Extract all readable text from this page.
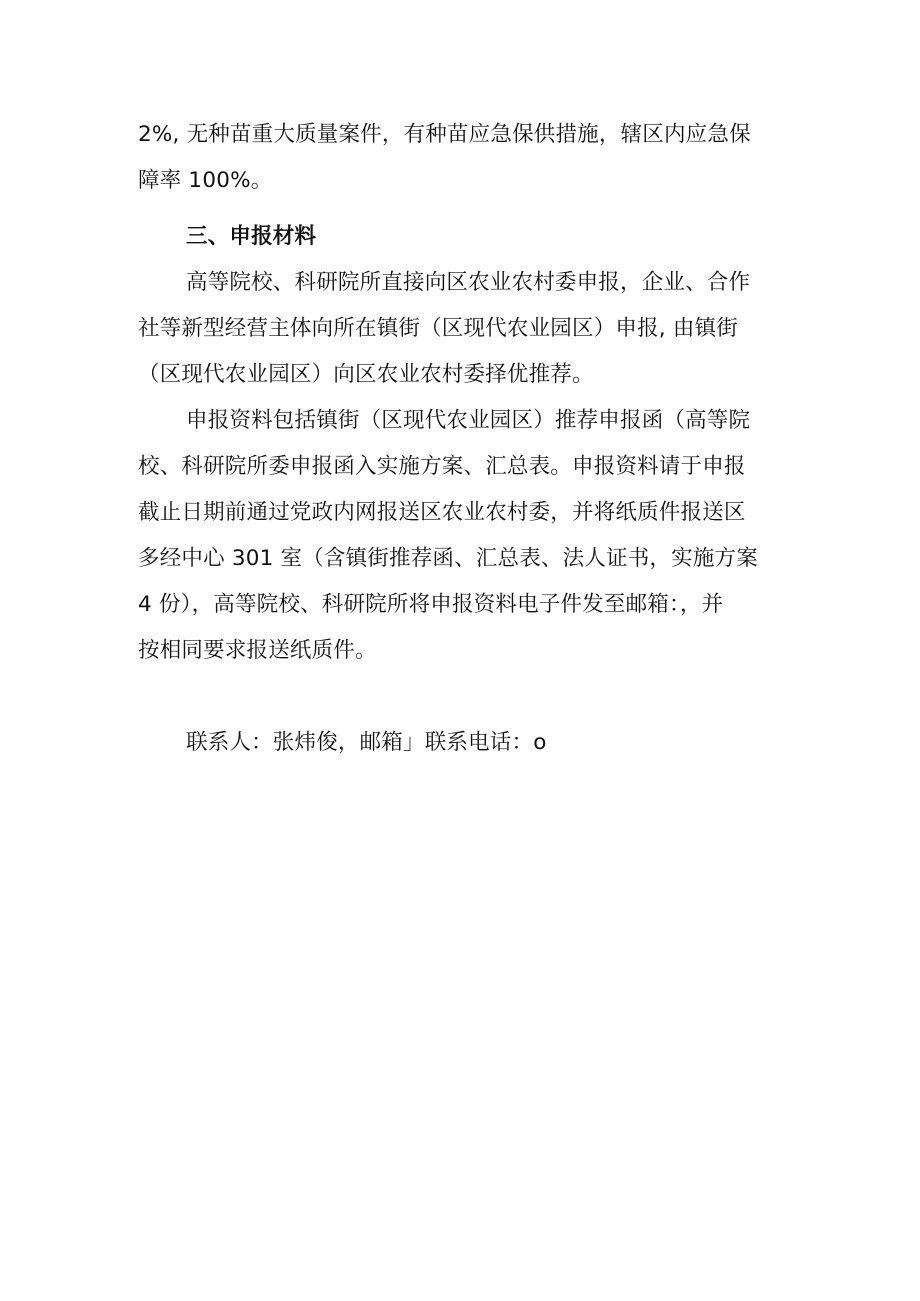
2%, 无种苗重大质量案件，有种苗应急保供措施，辖区内应急保
障率 100%。

三、申报材料

高等院校、科研院所直接向区农业农村委申报，企业、合作
社等新型经营主体向所在镇街（区现代农业园区）申报, 由镇街
（区现代农业园区）向区农业农村委择优推荐。

申报资料包括镇街（区现代农业园区）推荐申报函（高等院
校、科研院所委申报函入实施方案、汇总表。申报资料请于申报
截止日期前通过党政内网报送区农业农村委，并将纸质件报送区
多经中心 301 室（含镇街推荐函、汇总表、法人证书，实施方案
4 份），高等院校、科研院所将申报资料电子件发至邮箱：，并
按相同要求报送纸质件。

联系人：张炜俊，邮箱」联系电话：o
